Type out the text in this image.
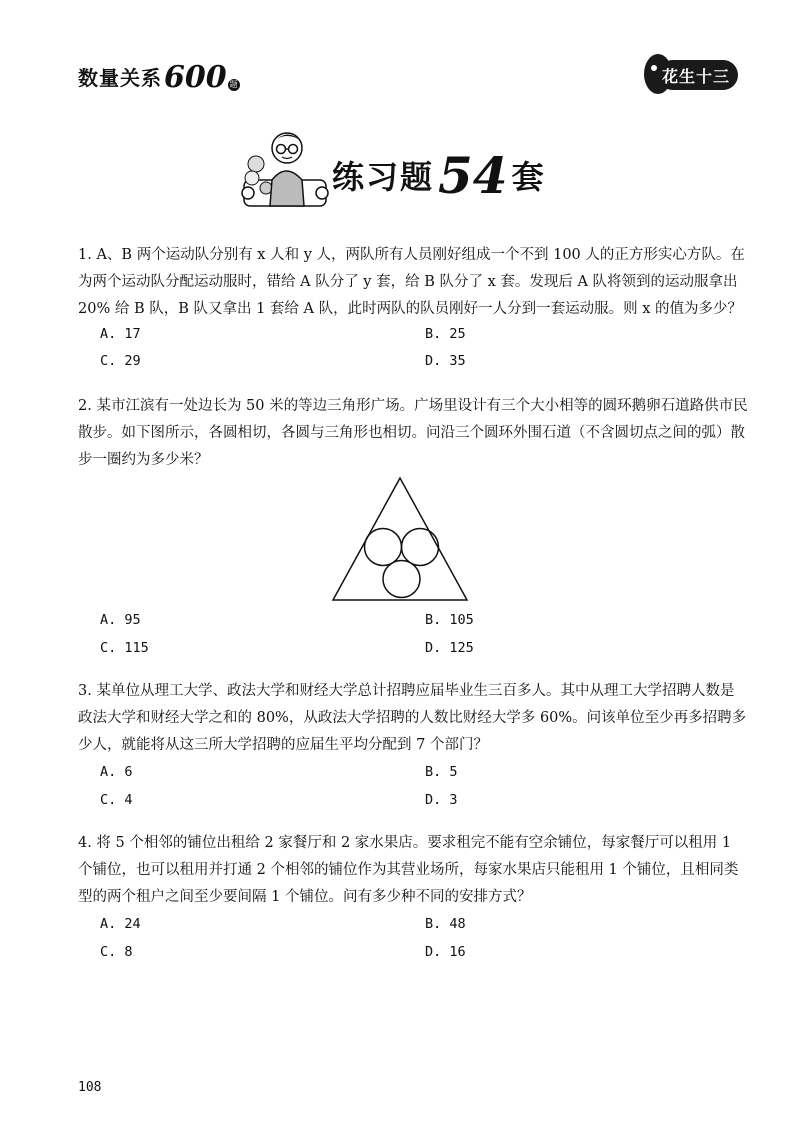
数量关系 600 题	花生十三
练习题 54 套
1. A、B 两个运动队分别有 x 人和 y 人，两队所有人员刚好组成一个不到 100 人的正方形实心方队。在为两个运动队分配运动服时，错给 A 队分了 y 套，给 B 队分了 x 套。发现后 A 队将领到的运动服拿出 20% 给 B 队，B 队又拿出 1 套给 A 队，此时两队的队员刚好一人分到一套运动服。则 x 的值为多少？
A. 17	B. 25
C. 29	D. 35
2. 某市江滨有一处边长为 50 米的等边三角形广场。广场里设计有三个大小相等的圆环鹅卵石道路供市民散步。如下图所示，各圆相切，各圆与三角形也相切。问沿三个圆环外围石道（不含圆切点之间的弧）散步一圈约为多少米？
A. 95	B. 105
C. 115	D. 125
3. 某单位从理工大学、政法大学和财经大学总计招聘应届毕业生三百多人。其中从理工大学招聘人数是政法大学和财经大学之和的 80%，从政法大学招聘的人数比财经大学多 60%。问该单位至少再多招聘多少人，就能将从这三所大学招聘的应届生平均分配到 7 个部门？
A. 6	B. 5
C. 4	D. 3
4. 将 5 个相邻的铺位出租给 2 家餐厅和 2 家水果店。要求租完不能有空余铺位，每家餐厅可以租用 1 个铺位，也可以租用并打通 2 个相邻的铺位作为其营业场所，每家水果店只能租用 1 个铺位，且相同类型的两个租户之间至少要间隔 1 个铺位。问有多少种不同的安排方式？
A. 24	B. 48
C. 8	D. 16
108
